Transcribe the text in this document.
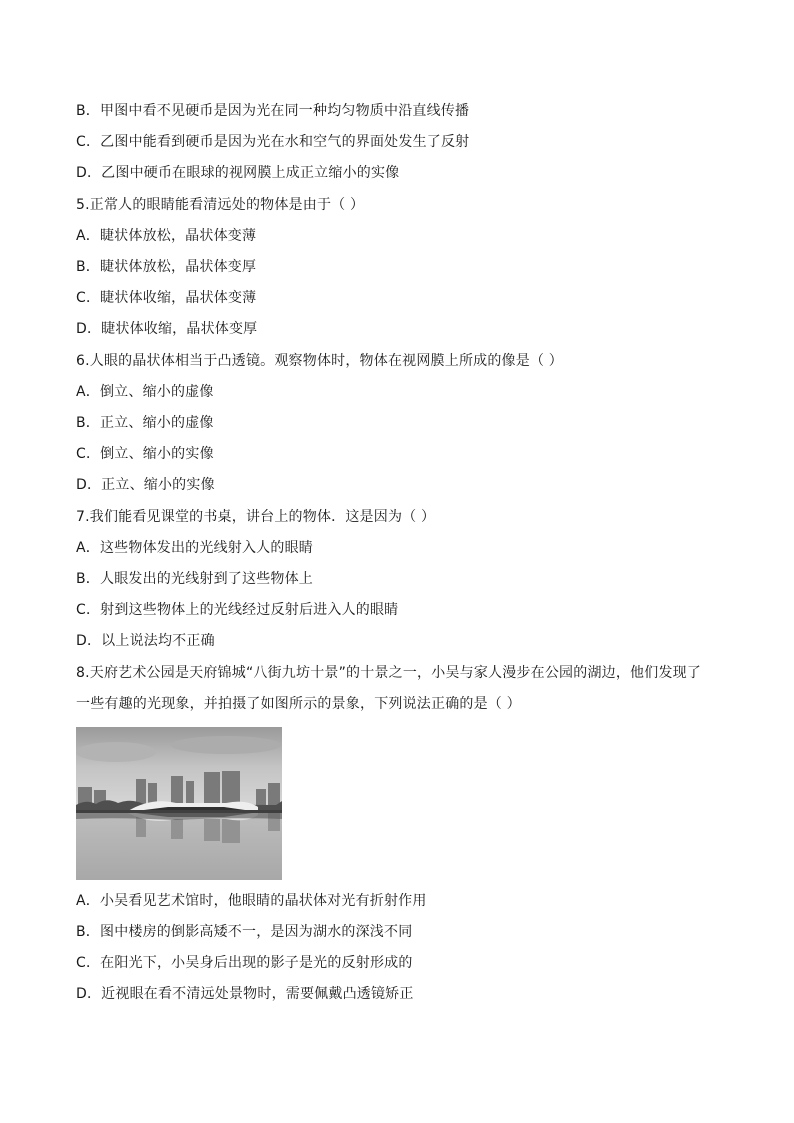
B．甲图中看不见硬币是因为光在同一种均匀物质中沿直线传播
C．乙图中能看到硬币是因为光在水和空气的界面处发生了反射
D．乙图中硬币在眼球的视网膜上成正立缩小的实像
5.正常人的眼睛能看清远处的物体是由于（ ）
A．睫状体放松，晶状体变薄
B．睫状体放松，晶状体变厚
C．睫状体收缩，晶状体变薄
D．睫状体收缩，晶状体变厚
6.人眼的晶状体相当于凸透镜。观察物体时，物体在视网膜上所成的像是（ ）
A．倒立、缩小的虚像
B．正立、缩小的虚像
C．倒立、缩小的实像
D．正立、缩小的实像
7.我们能看见课堂的书桌，讲台上的物体．这是因为（ ）
A．这些物体发出的光线射入人的眼睛
B．人眼发出的光线射到了这些物体上
C．射到这些物体上的光线经过反射后进入人的眼睛
D．以上说法均不正确
8.天府艺术公园是天府锦城“八街九坊十景”的十景之一，小吴与家人漫步在公园的湖边，他们发现了
一些有趣的光现象，并拍摄了如图所示的景象，下列说法正确的是（ ）
A．小吴看见艺术馆时，他眼睛的晶状体对光有折射作用
B．图中楼房的倒影高矮不一，是因为湖水的深浅不同
C．在阳光下，小吴身后出现的影子是光的反射形成的
D．近视眼在看不清远处景物时，需要佩戴凸透镜矫正
